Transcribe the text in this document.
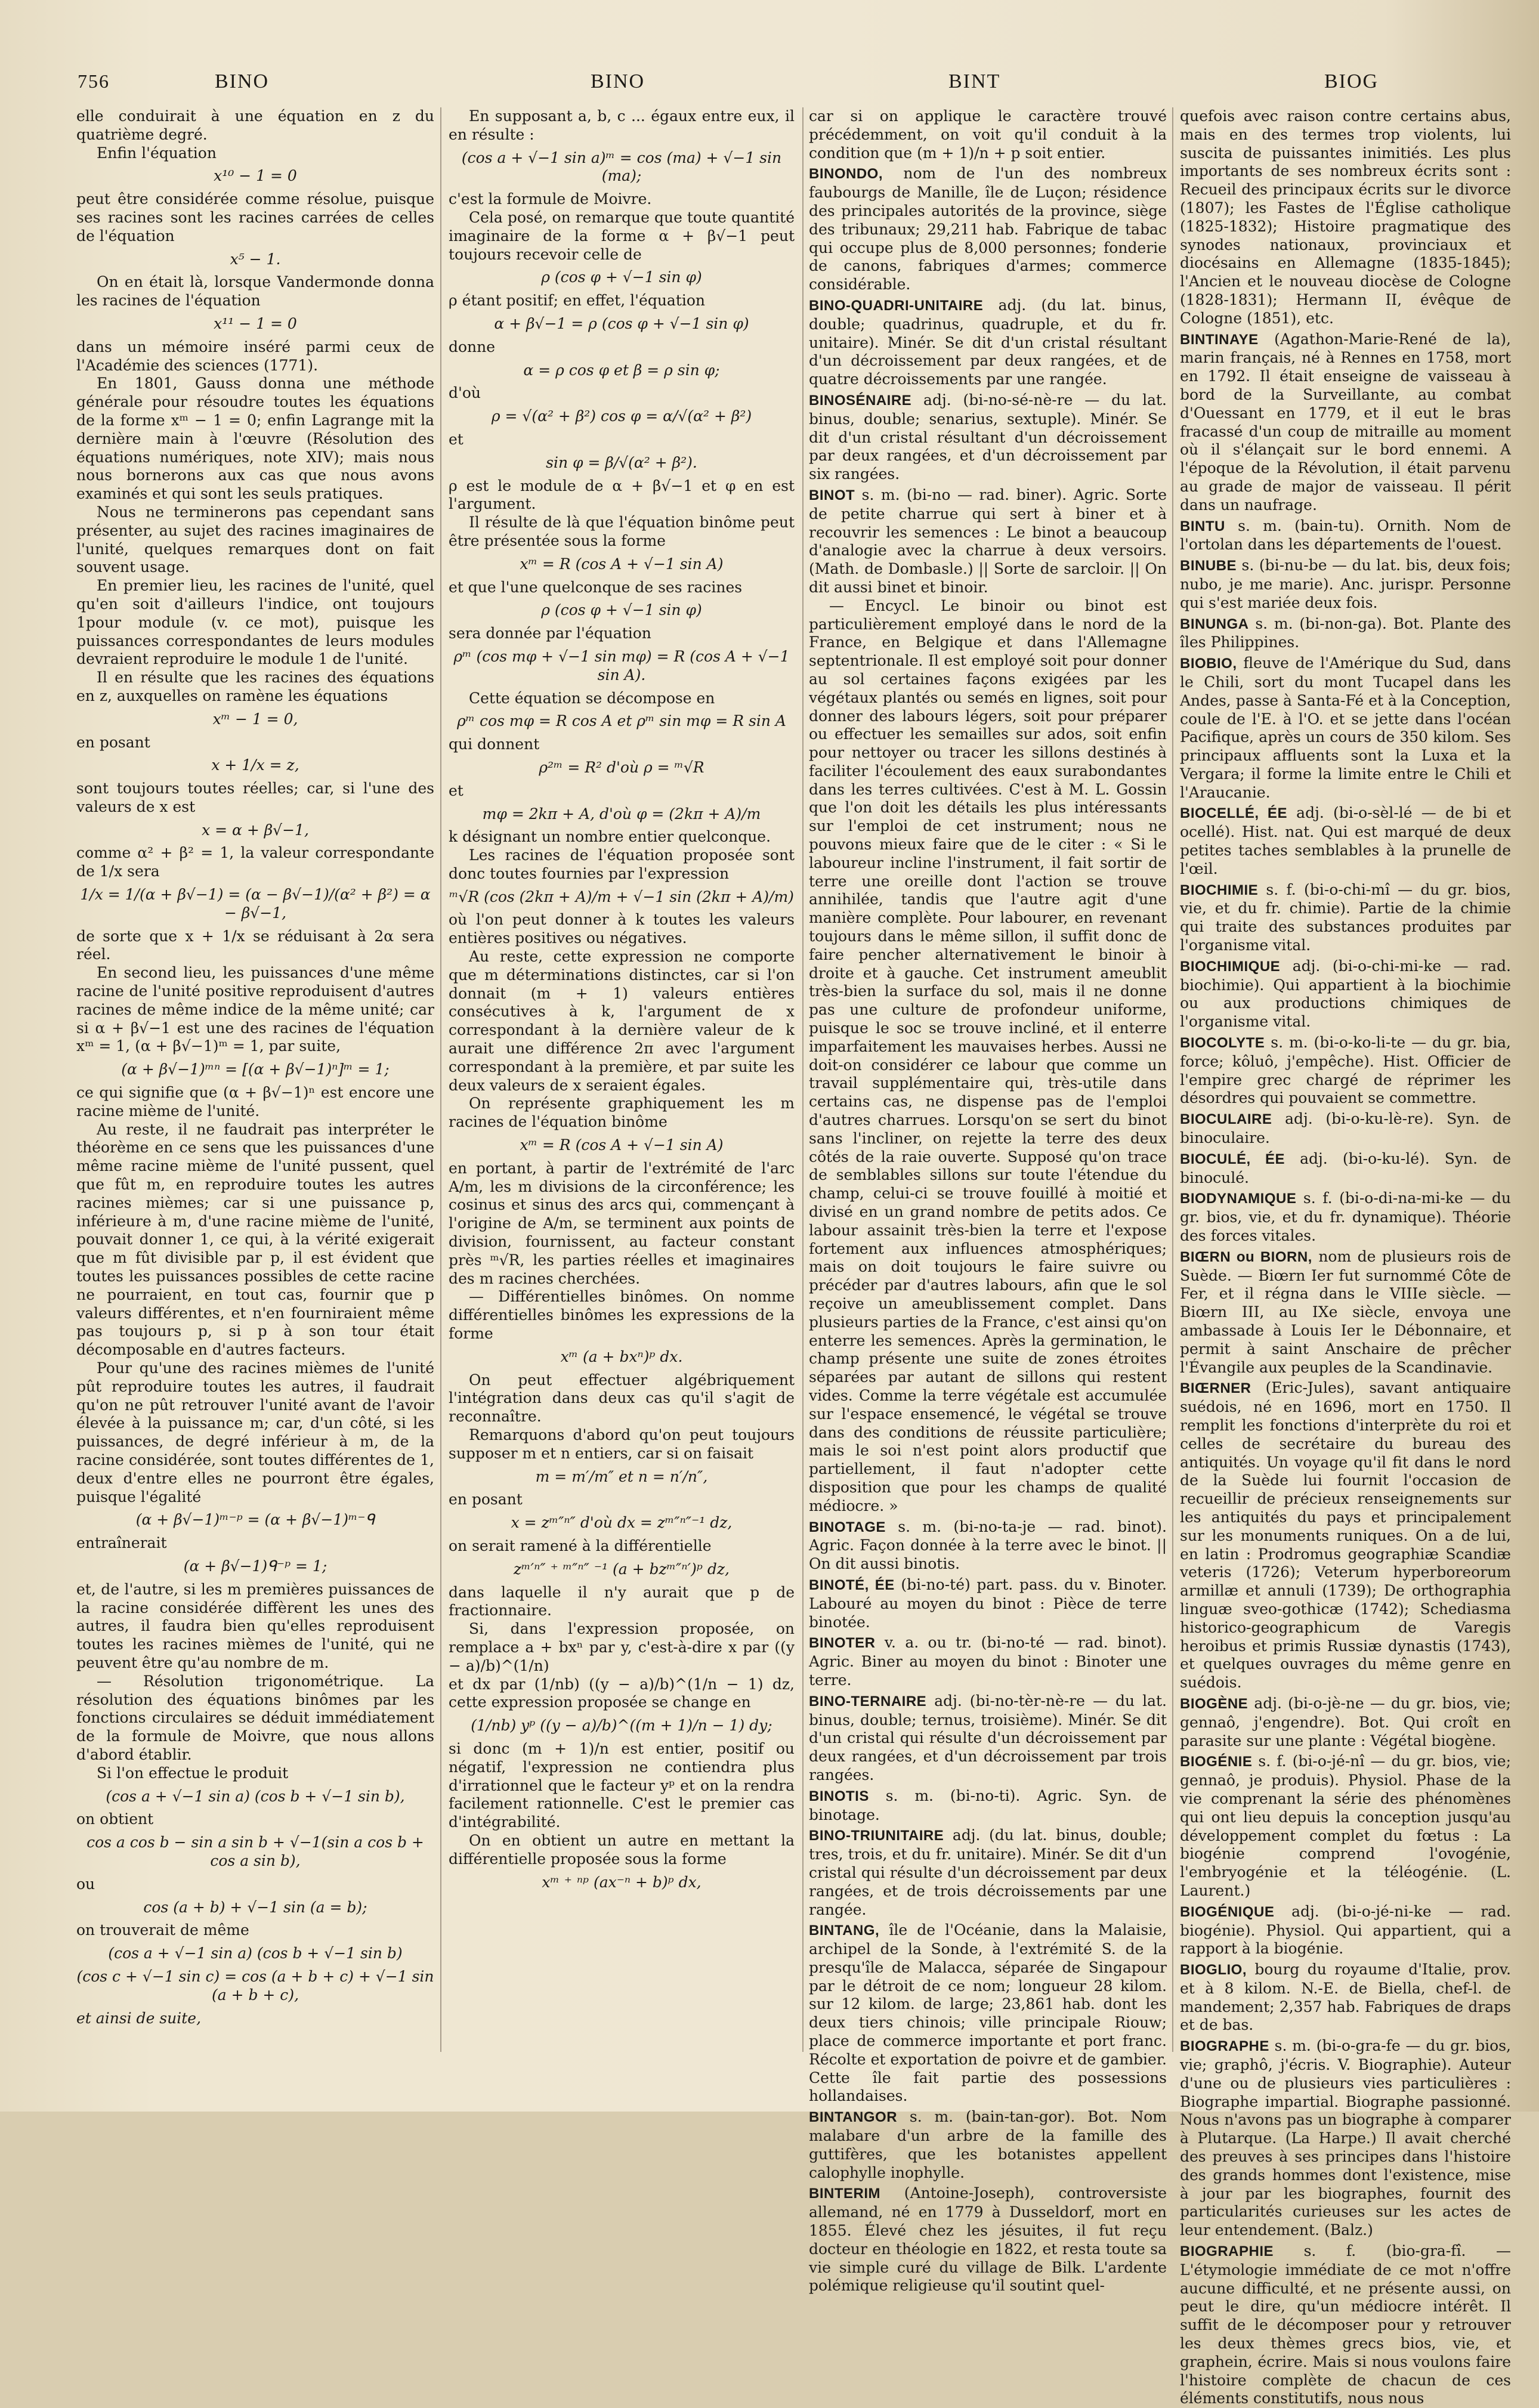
756	BINO	BINO	BINT	BIOG

elle conduirait à une équation en z du quatrième degré.

Enfin l'équation

x¹⁰ − 1 = 0

peut être considérée comme résolue, puisque ses racines sont les racines carrées de celles de l'équation

x⁵ − 1.

On en était là, lorsque Vandermonde donna les racines de l'équation

x¹¹ − 1 = 0

dans un mémoire inséré parmi ceux de l'Académie des sciences (1771).

En 1801, Gauss donna une méthode générale pour résoudre toutes les équations de la forme xᵐ − 1 = 0; enfin Lagrange mit la dernière main à l'œuvre (Résolution des équations numériques, note XIV); mais nous nous bornerons aux cas que nous avons examinés et qui sont les seuls pratiques.

Nous ne terminerons pas cependant sans présenter, au sujet des racines imaginaires de l'unité, quelques remarques dont on fait souvent usage.

En premier lieu, les racines de l'unité, quel qu'en soit d'ailleurs l'indice, ont toujours 1pour module (v. ce mot), puisque les puissances correspondantes de leurs modules devraient reproduire le module 1 de l'unité.

Il en résulte que les racines des équations en z, auxquelles on ramène les équations

xᵐ − 1 = 0,

en posant

x + 1/x = z,

sont toujours toutes réelles; car, si l'une des valeurs de x est

x = α + β√−1,

comme α² + β² = 1, la valeur correspondante de 1/x sera

1/x = 1/(α + β√−1) = (α − β√−1)/(α² + β²) = α − β√−1,

de sorte que x + 1/x se réduisant à 2α sera réel.

En second lieu, les puissances d'une même racine de l'unité positive reproduisent d'autres racines de même indice de la même unité; car si α + β√−1 est une des racines de l'équation xᵐ = 1, (α + β√−1)ᵐ = 1, par suite,

(α + β√−1)ᵐⁿ = [(α + β√−1)ⁿ]ᵐ = 1;

ce qui signifie que (α + β√−1)ⁿ est encore une racine mième de l'unité.

Au reste, il ne faudrait pas interpréter le théorème en ce sens que les puissances d'une même racine mième de l'unité pussent, quel que fût m, en reproduire toutes les autres racines mièmes; car si une puissance p, inférieure à m, d'une racine mième de l'unité, pouvait donner 1, ce qui, à la vérité exigerait que m fût divisible par p, il est évident que toutes les puissances possibles de cette racine ne pourraient, en tout cas, fournir que p valeurs différentes, et n'en fourniraient même pas toujours p, si p à son tour était décomposable en d'autres facteurs.

Pour qu'une des racines mièmes de l'unité pût reproduire toutes les autres, il faudrait qu'on ne pût retrouver l'unité avant de l'avoir élevée à la puissance m; car, d'un côté, si les puissances, de degré inférieur à m, de la racine considérée, sont toutes différentes de 1, deux d'entre elles ne pourront être égales, puisque l'égalité

(α + β√−1)ᵐ⁻ᵖ = (α + β√−1)ᵐ⁻ᑫ

entraînerait

(α + β√−1)ᑫ⁻ᵖ = 1;

et, de l'autre, si les m premières puissances de la racine considérée diffèrent les unes des autres, il faudra bien qu'elles reproduisent toutes les racines mièmes de l'unité, qui ne peuvent être qu'au nombre de m.

— Résolution trigonométrique. La résolution des équations binômes par les fonctions circulaires se déduit immédiatement de la formule de Moivre, que nous allons d'abord établir.

Si l'on effectue le produit

(cos a + √−1 sin a) (cos b + √−1 sin b),

on obtient

cos a cos b − sin a sin b + √−1(sin a cos b + cos a sin b),

ou

cos (a + b) + √−1 sin (a = b);

on trouverait de même

(cos a + √−1 sin a) (cos b + √−1 sin b)

(cos c + √−1 sin c) = cos (a + b + c) + √−1 sin (a + b + c),

et ainsi de suite,

En supposant a, b, c ... égaux entre eux, il en résulte :

(cos a + √−1 sin a)ᵐ = cos (ma) + √−1 sin (ma);

c'est la formule de Moivre.

Cela posé, on remarque que toute quantité imaginaire de la forme α + β√−1 peut toujours recevoir celle de

ρ (cos φ + √−1 sin φ)

ρ étant positif; en effet, l'équation

α + β√−1 = ρ (cos φ + √−1 sin φ)

donne

α = ρ cos φ et β = ρ sin φ;

d'où

ρ = √(α² + β²) cos φ = α/√(α² + β²)

et

sin φ = β/√(α² + β²).

ρ est le module de α + β√−1 et φ en est l'argument.

Il résulte de là que l'équation binôme peut être présentée sous la forme

xᵐ = R (cos A + √−1 sin A)

et que l'une quelconque de ses racines

ρ (cos φ + √−1 sin φ)

sera donnée par l'équation

ρᵐ (cos mφ + √−1 sin mφ) = R (cos A + √−1 sin A).

Cette équation se décompose en

ρᵐ cos mφ = R cos A et ρᵐ sin mφ = R sin A

qui donnent

ρ²ᵐ = R² d'où ρ = ᵐ√R

et

mφ = 2kπ + A, d'où φ = (2kπ + A)/m

k désignant un nombre entier quelconque.

Les racines de l'équation proposée sont donc toutes fournies par l'expression

ᵐ√R (cos (2kπ + A)/m + √−1 sin (2kπ + A)/m)

où l'on peut donner à k toutes les valeurs entières positives ou négatives.

Au reste, cette expression ne comporte que m déterminations distinctes, car si l'on donnait (m + 1) valeurs entières consécutives à k, l'argument de x correspondant à la dernière valeur de k aurait une différence 2π avec l'argument correspondant à la première, et par suite les deux valeurs de x seraient égales.

On représente graphiquement les m racines de l'équation binôme

xᵐ = R (cos A + √−1 sin A)

en portant, à partir de l'extrémité de l'arc A/m, les m divisions de la circonférence; les cosinus et sinus des arcs qui, commençant à l'origine de A/m, se terminent aux points de division, fournissent, au facteur constant près ᵐ√R, les parties réelles et imaginaires des m racines cherchées.

— Différentielles binômes. On nomme différentielles binômes les expressions de la forme

xᵐ (a + bxⁿ)ᵖ dx.

On peut effectuer algébriquement l'intégration dans deux cas qu'il s'agit de reconnaître.

Remarquons d'abord qu'on peut toujours supposer m et n entiers, car si on faisait

m = m′/m″ et n = n′/n″,

en posant

x = zᵐ″ⁿ″ d'où dx = zᵐ″ⁿ″⁻¹ dz,

on serait ramené à la différentielle

zᵐ′ⁿ″ ⁺ ᵐ″ⁿ″ ⁻¹ (a + bzᵐ″ⁿ′)ᵖ dz,

dans laquelle il n'y aurait que p de fractionnaire.

Si, dans l'expression proposée, on remplace a + bxⁿ par y, c'est-à-dire x par ((y − a)/b)^(1/n)

et dx par (1/nb) ((y − a)/b)^(1/n − 1) dz, cette expression proposée se change en

(1/nb) yᵖ ((y − a)/b)^((m + 1)/n − 1) dy;

si donc (m + 1)/n est entier, positif ou négatif, l'expression ne contiendra plus d'irrationnel que le facteur yᵖ et on la rendra facilement rationnelle. C'est le premier cas d'intégrabilité.

On en obtient un autre en mettant la différentielle proposée sous la forme

xᵐ ⁺ ⁿᵖ (ax⁻ⁿ + b)ᵖ dx,

car si on applique le caractère trouvé précédemment, on voit qu'il conduit à la condition que (m + 1)/n + p soit entier.

BINONDO, nom de l'un des nombreux faubourgs de Manille, île de Luçon; résidence des principales autorités de la province, siège des tribunaux; 29,211 hab. Fabrique de tabac qui occupe plus de 8,000 personnes; fonderie de canons, fabriques d'armes; commerce considérable.

BINO-QUADRI-UNITAIRE adj. (du lat. binus, double; quadrinus, quadruple, et du fr. unitaire). Minér. Se dit d'un cristal résultant d'un décroissement par deux rangées, et de quatre décroissements par une rangée.

BINOSÉNAIRE adj. (bi-no-sé-nè-re — du lat. binus, double; senarius, sextuple). Minér. Se dit d'un cristal résultant d'un décroissement par deux rangées, et d'un décroissement par six rangées.

BINOT s. m. (bi-no — rad. biner). Agric. Sorte de petite charrue qui sert à biner et à recouvrir les semences : Le binot a beaucoup d'analogie avec la charrue à deux versoirs. (Math. de Dombasle.) || Sorte de sarcloir. || On dit aussi binet et binoir.

— Encycl. Le binoir ou binot est particulièrement employé dans le nord de la France, en Belgique et dans l'Allemagne septentrionale. Il est employé soit pour donner au sol certaines façons exigées par les végétaux plantés ou semés en lignes, soit pour donner des labours légers, soit pour préparer ou effectuer les semailles sur ados, soit enfin pour nettoyer ou tracer les sillons destinés à faciliter l'écoulement des eaux surabondantes dans les terres cultivées. C'est à M. L. Gossin que l'on doit les détails les plus intéressants sur l'emploi de cet instrument; nous ne pouvons mieux faire que de le citer : « Si le laboureur incline l'instrument, il fait sortir de terre une oreille dont l'action se trouve annihilée, tandis que l'autre agit d'une manière complète. Pour labourer, en revenant toujours dans le même sillon, il suffit donc de faire pencher alternativement le binoir à droite et à gauche. Cet instrument ameublit très-bien la surface du sol, mais il ne donne pas une culture de profondeur uniforme, puisque le soc se trouve incliné, et il enterre imparfaitement les mauvaises herbes. Aussi ne doit-on considérer ce labour que comme un travail supplémentaire qui, très-utile dans certains cas, ne dispense pas de l'emploi d'autres charrues. Lorsqu'on se sert du binot sans l'incliner, on rejette la terre des deux côtés de la raie ouverte. Supposé qu'on trace de semblables sillons sur toute l'étendue du champ, celui-ci se trouve fouillé à moitié et divisé en un grand nombre de petits ados. Ce labour assainit très-bien la terre et l'expose fortement aux influences atmosphériques; mais on doit toujours le faire suivre ou précéder par d'autres labours, afin que le sol reçoive un ameublissement complet. Dans plusieurs parties de la France, c'est ainsi qu'on enterre les semences. Après la germination, le champ présente une suite de zones étroites séparées par autant de sillons qui restent vides. Comme la terre végétale est accumulée sur l'espace ensemencé, le végétal se trouve dans des conditions de réussite particulière; mais le soi n'est point alors productif que partiellement, il faut n'adopter cette disposition que pour les champs de qualité médiocre. »

BINOTAGE s. m. (bi-no-ta-je — rad. binot). Agric. Façon donnée à la terre avec le binot. || On dit aussi binotis.

BINOTÉ, ÉE (bi-no-té) part. pass. du v. Binoter. Labouré au moyen du binot : Pièce de terre binotée.

BINOTER v. a. ou tr. (bi-no-té — rad. binot). Agric. Biner au moyen du binot : Binoter une terre.

BINO-TERNAIRE adj. (bi-no-tèr-nè-re — du lat. binus, double; ternus, troisième). Minér. Se dit d'un cristal qui résulte d'un décroissement par deux rangées, et d'un décroissement par trois rangées.

BINOTIS s. m. (bi-no-ti). Agric. Syn. de binotage.

BINO-TRIUNITAIRE adj. (du lat. binus, double; tres, trois, et du fr. unitaire). Minér. Se dit d'un cristal qui résulte d'un décroissement par deux rangées, et de trois décroissements par une rangée.

BINTANG, île de l'Océanie, dans la Malaisie, archipel de la Sonde, à l'extrémité S. de la presqu'île de Malacca, séparée de Singapour par le détroit de ce nom; longueur 28 kilom. sur 12 kilom. de large; 23,861 hab. dont les deux tiers chinois; ville principale Riouw; place de commerce importante et port franc. Récolte et exportation de poivre et de gambier. Cette île fait partie des possessions hollandaises.

BINTANGOR s. m. (bain-tan-gor). Bot. Nom malabare d'un arbre de la famille des guttifères, que les botanistes appellent calophylle inophylle.

BINTERIM (Antoine-Joseph), controversiste allemand, né en 1779 à Dusseldorf, mort en 1855. Élevé chez les jésuites, il fut reçu docteur en théologie en 1822, et resta toute sa vie simple curé du village de Bilk. L'ardente polémique religieuse qu'il soutint quel-

quefois avec raison contre certains abus, mais en des termes trop violents, lui suscita de puissantes inimitiés. Les plus importants de ses nombreux écrits sont : Recueil des principaux écrits sur le divorce (1807); les Fastes de l'Église catholique (1825-1832); Histoire pragmatique des synodes nationaux, provinciaux et diocésains en Allemagne (1835-1845); l'Ancien et le nouveau diocèse de Cologne (1828-1831); Hermann II, évêque de Cologne (1851), etc.

BINTINAYE (Agathon-Marie-René de la), marin français, né à Rennes en 1758, mort en 1792. Il était enseigne de vaisseau à bord de la Surveillante, au combat d'Ouessant en 1779, et il eut le bras fracassé d'un coup de mitraille au moment où il s'élançait sur le bord ennemi. A l'époque de la Révolution, il était parvenu au grade de major de vaisseau. Il périt dans un naufrage.

BINTU s. m. (bain-tu). Ornith. Nom de l'ortolan dans les départements de l'ouest.

BINUBE s. (bi-nu-be — du lat. bis, deux fois; nubo, je me marie). Anc. jurispr. Personne qui s'est mariée deux fois.

BINUNGA s. m. (bi-non-ga). Bot. Plante des îles Philippines.

BIOBIO, fleuve de l'Amérique du Sud, dans le Chili, sort du mont Tucapel dans les Andes, passe à Santa-Fé et à la Conception, coule de l'E. à l'O. et se jette dans l'océan Pacifique, après un cours de 350 kilom. Ses principaux affluents sont la Luxa et la Vergara; il forme la limite entre le Chili et l'Araucanie.

BIOCELLÉ, ÉE adj. (bi-o-sèl-lé — de bi et ocellé). Hist. nat. Qui est marqué de deux petites taches semblables à la prunelle de l'œil.

BIOCHIMIE s. f. (bi-o-chi-mî — du gr. bios, vie, et du fr. chimie). Partie de la chimie qui traite des substances produites par l'organisme vital.

BIOCHIMIQUE adj. (bi-o-chi-mi-ke — rad. biochimie). Qui appartient à la biochimie ou aux productions chimiques de l'organisme vital.

BIOCOLYTE s. m. (bi-o-ko-li-te — du gr. bia, force; kôluô, j'empêche). Hist. Officier de l'empire grec chargé de réprimer les désordres qui pouvaient se commettre.

BIOCULAIRE adj. (bi-o-ku-lè-re). Syn. de binoculaire.

BIOCULÉ, ÉE adj. (bi-o-ku-lé). Syn. de binoculé.

BIODYNAMIQUE s. f. (bi-o-di-na-mi-ke — du gr. bios, vie, et du fr. dynamique). Théorie des forces vitales.

BIŒRN ou BIORN, nom de plusieurs rois de Suède. — Biœrn Ier fut surnommé Côte de Fer, et il régna dans le VIIIe siècle. — Biœrn III, au IXe siècle, envoya une ambassade à Louis Ier le Débonnaire, et permit à saint Anschaire de prêcher l'Évangile aux peuples de la Scandinavie.

BIŒRNER (Eric-Jules), savant antiquaire suédois, né en 1696, mort en 1750. Il remplit les fonctions d'interprète du roi et celles de secrétaire du bureau des antiquités. Un voyage qu'il fit dans le nord de la Suède lui fournit l'occasion de recueillir de précieux renseignements sur les antiquités du pays et principalement sur les monuments runiques. On a de lui, en latin : Prodromus geographiæ Scandiæ veteris (1726); Veterum hyperboreorum armillæ et annuli (1739); De orthographia linguæ sveo-gothicæ (1742); Schediasma historico-geographicum de Varegis heroibus et primis Russiæ dynastis (1743), et quelques ouvrages du même genre en suédois.

BIOGÈNE adj. (bi-o-jè-ne — du gr. bios, vie; gennaô, j'engendre). Bot. Qui croît en parasite sur une plante : Végétal biogène.

BIOGÉNIE s. f. (bi-o-jé-nî — du gr. bios, vie; gennaô, je produis). Physiol. Phase de la vie comprenant la série des phénomènes qui ont lieu depuis la conception jusqu'au développement complet du fœtus : La biogénie comprend l'ovogénie, l'embryogénie et la téléogénie. (L. Laurent.)

BIOGÉNIQUE adj. (bi-o-jé-ni-ke — rad. biogénie). Physiol. Qui appartient, qui a rapport à la biogénie.

BIOGLIO, bourg du royaume d'Italie, prov. et à 8 kilom. N.-E. de Biella, chef-l. de mandement; 2,357 hab. Fabriques de draps et de bas.

BIOGRAPHE s. m. (bi-o-gra-fe — du gr. bios, vie; graphô, j'écris. V. Biographie). Auteur d'une ou de plusieurs vies particulières : Biographe impartial. Biographe passionné. Nous n'avons pas un biographe à comparer à Plutarque. (La Harpe.) Il avait cherché des preuves à ses principes dans l'histoire des grands hommes dont l'existence, mise à jour par les biographes, fournit des particularités curieuses sur les actes de leur entendement. (Balz.)

BIOGRAPHIE s. f. (bio-gra-fî. — L'étymologie immédiate de ce mot n'offre aucune difficulté, et ne présente aussi, on peut le dire, qu'un médiocre intérêt. Il suffit de le décomposer pour y retrouver les deux thèmes grecs bios, vie, et graphein, écrire. Mais si nous voulons faire l'histoire complète de chacun de ces éléments constitutifs, nous nous
